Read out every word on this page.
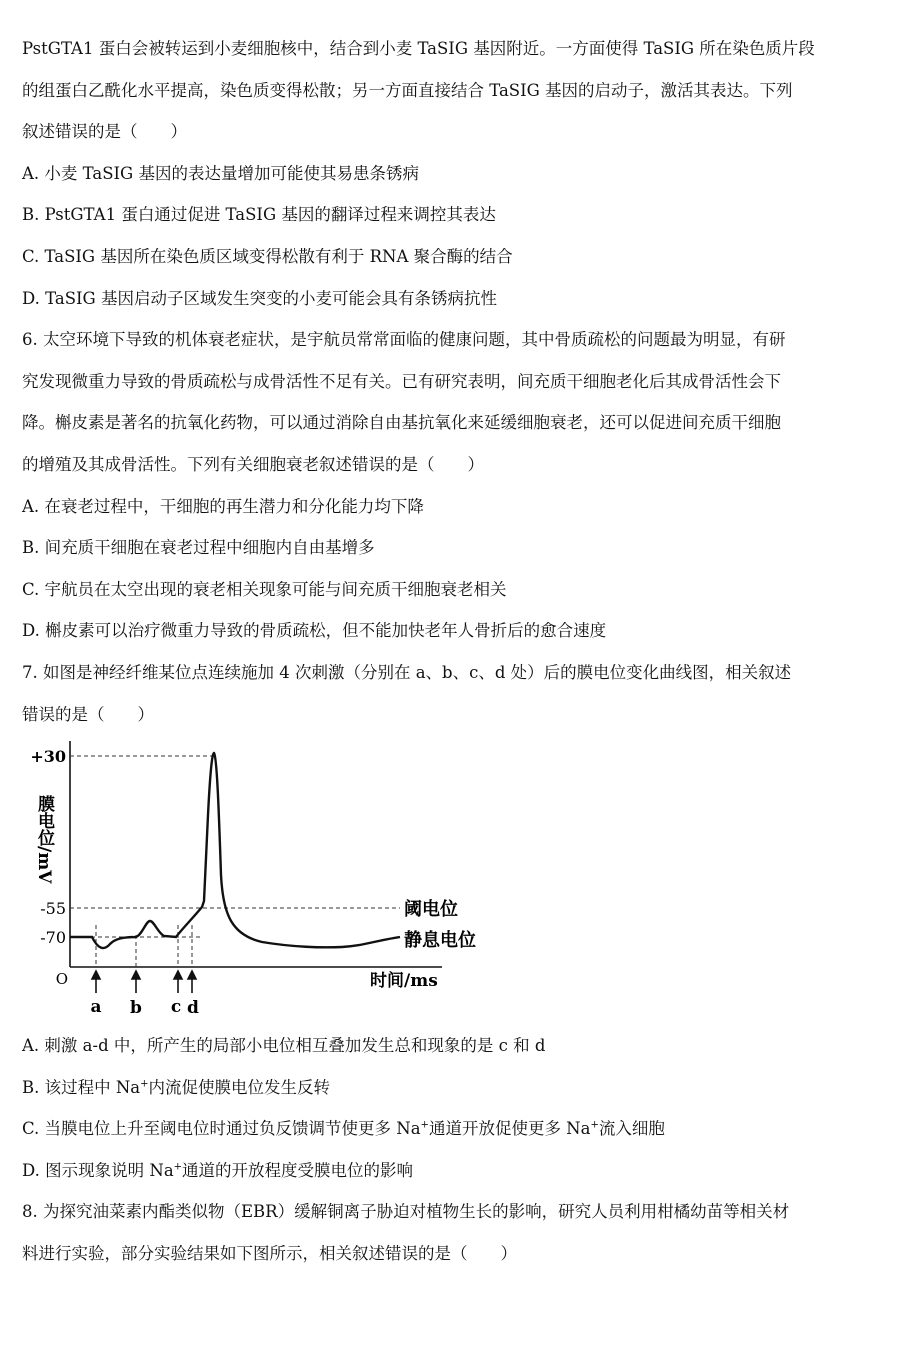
PstGTA1 蛋白会被转运到小麦细胞核中，结合到小麦 TaSIG 基因附近。一方面使得 TaSIG 所在染色质片段
的组蛋白乙酰化水平提高，染色质变得松散；另一方面直接结合 TaSIG 基因的启动子，激活其表达。下列
叙述错误的是（　　）
A. 小麦 TaSIG 基因的表达量增加可能使其易患条锈病
B. PstGTA1 蛋白通过促进 TaSIG 基因的翻译过程来调控其表达
C. TaSIG 基因所在染色质区域变得松散有利于 RNA 聚合酶的结合
D. TaSIG 基因启动子区域发生突变的小麦可能会具有条锈病抗性
6. 太空环境下导致的机体衰老症状，是宇航员常常面临的健康问题，其中骨质疏松的问题最为明显，有研
究发现微重力导致的骨质疏松与成骨活性不足有关。已有研究表明，间充质干细胞老化后其成骨活性会下
降。槲皮素是著名的抗氧化药物，可以通过消除自由基抗氧化来延缓细胞衰老，还可以促进间充质干细胞
的增殖及其成骨活性。下列有关细胞衰老叙述错误的是（　　）
A. 在衰老过程中，干细胞的再生潜力和分化能力均下降
B. 间充质干细胞在衰老过程中细胞内自由基增多
C. 宇航员在太空出现的衰老相关现象可能与间充质干细胞衰老相关
D. 槲皮素可以治疗微重力导致的骨质疏松，但不能加快老年人骨折后的愈合速度
7. 如图是神经纤维某位点连续施加 4 次刺激（分别在 a、b、c、d 处）后的膜电位变化曲线图，相关叙述
错误的是（　　）
+30
-55
-70
膜电位/mV
O
阈电位
静息电位
时间/ms
a b c d
A. 刺激 a-d 中，所产生的局部小电位相互叠加发生总和现象的是 c 和 d
B. 该过程中 Na+内流促使膜电位发生反转
C. 当膜电位上升至阈电位时通过负反馈调节使更多 Na+通道开放促使更多 Na+流入细胞
D. 图示现象说明 Na+通道的开放程度受膜电位的影响
8. 为探究油菜素内酯类似物（EBR）缓解铜离子胁迫对植物生长的影响，研究人员利用柑橘幼苗等相关材
料进行实验，部分实验结果如下图所示，相关叙述错误的是（　　）
